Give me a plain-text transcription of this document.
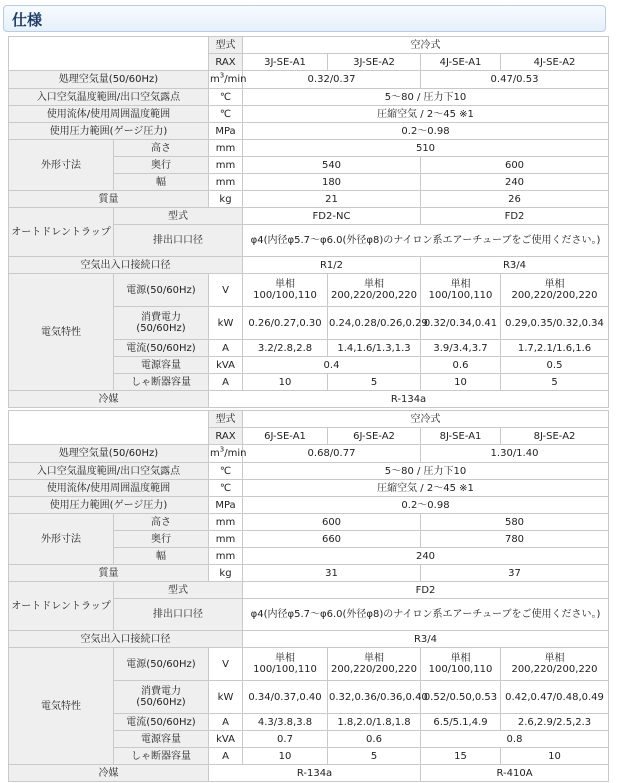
仕様
		型式	空冷式			
		RAX	3J-SE-A1	3J-SE-A2	4J-SE-A1	4J-SE-A2
処理空気量(50/60Hz)		$m^3/\min$	0.32/0.37		0.47/0.53	
入口空気温度範囲/出口空気露点		℃	5～80 / 圧力下10			
使用流体/使用周囲温度範囲		℃	圧縮空気 / 2～45 ※1			
使用圧力範囲(ゲージ圧力)		MPa	0.2～0.98			
外形寸法	高さ	mm	510			
	奥行	mm	540		600	
	幅	mm	180		240	
質量		kg	21		26	
オートドレントラップ	型式		FD2-NC		FD2	
	排出口口径		φ4(内径φ5.7～φ6.0(外径φ8)のナイロン系エアーチューブをご使用ください。)			
空気出入口接続口径			R1/2		R3/4	
電気特性	電源(50/60Hz)	V	単相 100/100,110	単相 200,220/200,220	単相 100/100,110	単相 200,220/200,220
	消費電力 (50/60Hz)	kW	0.26/0.27,0.30	0.24,0.28/0.26,0.29	0.32/0.34,0.41	0.29,0.35/0.32,0.34
	電流(50/60Hz)	A	3.2/2.8,2.8	1.4,1.6/1.3,1.3	3.9/3.4,3.7	1.7,2.1/1.6,1.6
	電源容量	kVA	0.4		0.6	0.5
	しゃ断器容量	A	10	5	10	5
冷媒		R-134a				
		型式	空冷式			
		RAX	6J-SE-A1	6J-SE-A2	8J-SE-A1	8J-SE-A2
処理空気量(50/60Hz)		$m^3/\min$	0.68/0.77		1.30/1.40	
入口空気温度範囲/出口空気露点		℃	5～80 / 圧力下10			
使用流体/使用周囲温度範囲		℃	圧縮空気 / 2～45 ※1			
使用圧力範囲(ゲージ圧力)		MPa	0.2～0.98			
外形寸法	高さ	mm	600		580	
	奥行	mm	660		780	
	幅	mm	240			
質量		kg	31		37	
オートドレントラップ	型式		FD2			
	排出口口径		φ4(内径φ5.7～φ6.0(外径φ8)のナイロン系エアーチューブをご使用ください。)			
空気出入口接続口径			R3/4			
電気特性	電源(50/60Hz)	V	単相 100/100,110	単相 200,220/200,220	単相 100/100,110	単相 200,220/200,220
	消費電力 (50/60Hz)	kW	0.34/0.37,0.40	0.32,0.36/0.36,0.40	0.52/0.50,0.53	0.42,0.47/0.48,0.49
	電流(50/60Hz)	A	4.3/3.8,3.8	1.8,2.0/1.8,1.8	6.5/5.1,4.9	2.6,2.9/2.5,2.3
	電源容量	kVA	0.7	0.6	0.8	
	しゃ断器容量	A	10	5	15	10
冷媒		R-134a			R-410A	
